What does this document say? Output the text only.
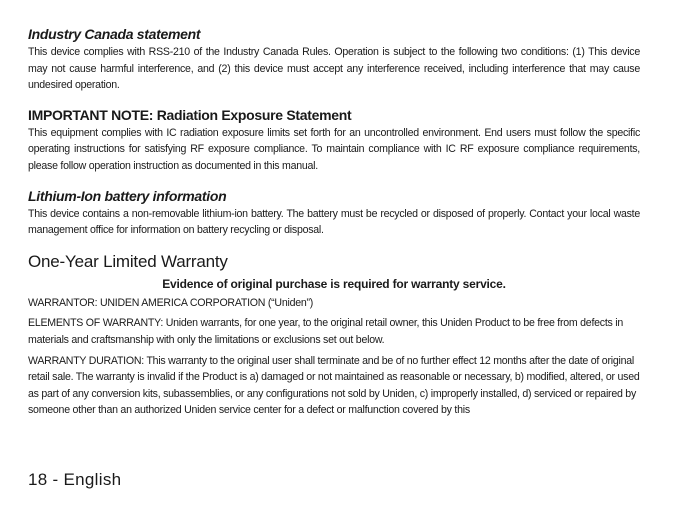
Industry Canada statement

This device complies with RSS-210 of the Industry Canada Rules. Operation is subject to the following two conditions: (1) This device may not cause harmful interference, and (2) this device must accept any interference received, including interference that may cause undesired operation.

IMPORTANT NOTE: Radiation Exposure Statement

This equipment complies with IC radiation exposure limits set forth for an uncontrolled environment. End users must follow the specific operating instructions for satisfying RF exposure compliance. To maintain compliance with IC RF exposure compliance requirements, please follow operation instruction as documented in this manual.

Lithium-Ion battery information

This device contains a non-removable lithium-ion battery. The battery must be recycled or disposed of properly. Contact your local waste management office for information on battery recycling or disposal.

One-Year Limited Warranty
Evidence of original purchase is required for warranty service.

WARRANTOR: UNIDEN AMERICA CORPORATION (“Uniden”)

ELEMENTS OF WARRANTY: Uniden warrants, for one year, to the original retail owner, this Uniden Product to be free from defects in materials and craftsmanship with only the limitations or exclusions set out below.

WARRANTY DURATION: This warranty to the original user shall terminate and be of no further effect 12 months after the date of original retail sale. The warranty is invalid if the Product is a) damaged or not maintained as reasonable or necessary, b) modified, altered, or used as part of any conversion kits, subassemblies, or any configurations not sold by Uniden, c) improperly installed, d) serviced or repaired by someone other than an authorized Uniden service center for a defect or malfunction covered by this

18 - English
